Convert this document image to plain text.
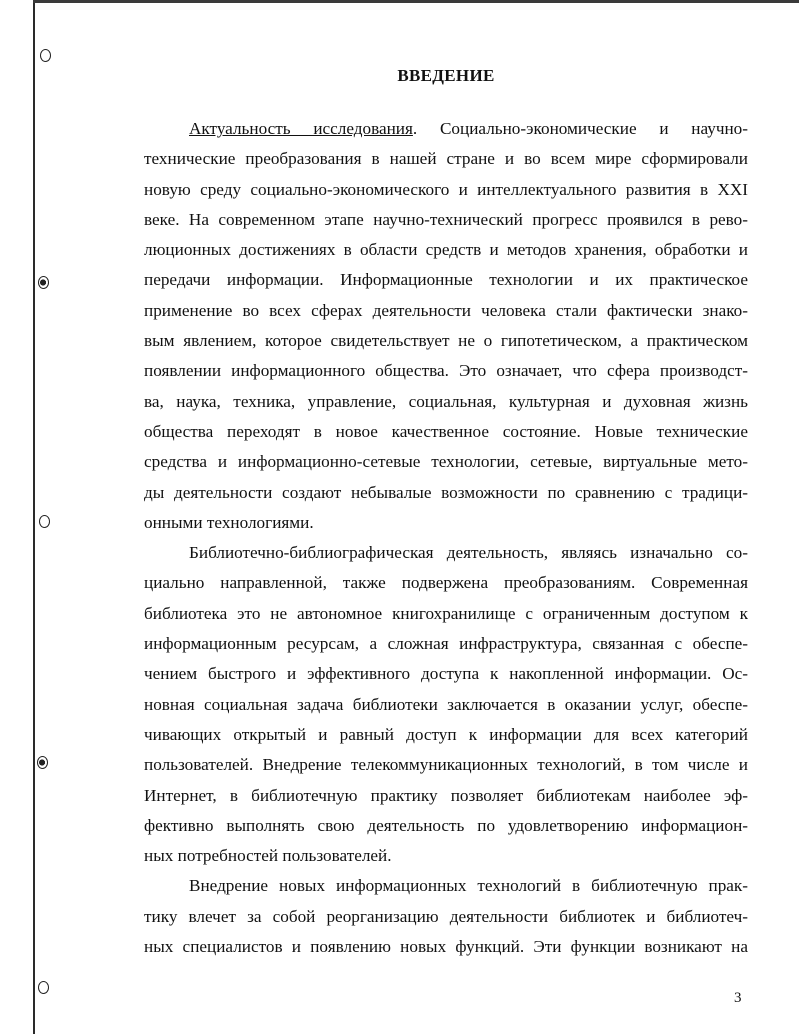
ВВЕДЕНИЕ
Актуальность исследования. Социально-экономические и научно-
технические преобразования в нашей стране и во всем мире сформировали
новую среду социально-экономического и интеллектуального развития в XXI
веке. На современном этапе научно-технический прогресс проявился в рево-
люционных достижениях в области средств и методов хранения, обработки и
передачи информации. Информационные технологии и их практическое
применение во всех сферах деятельности человека стали фактически знако-
вым явлением, которое свидетельствует не о гипотетическом, а практическом
появлении информационного общества. Это означает, что сфера производст-
ва, наука, техника, управление, социальная, культурная и духовная жизнь
общества переходят в новое качественное состояние. Новые технические
средства и информационно-сетевые технологии, сетевые, виртуальные мето-
ды деятельности создают небывалые возможности по сравнению с традици-
онными технологиями.
Библиотечно-библиографическая деятельность, являясь изначально со-
циально направленной, также подвержена преобразованиям. Современная
библиотека это не автономное книгохранилище с ограниченным доступом к
информационным ресурсам, а сложная инфраструктура, связанная с обеспе-
чением быстрого и эффективного доступа к накопленной информации. Ос-
новная социальная задача библиотеки заключается в оказании услуг, обеспе-
чивающих открытый и равный доступ к информации для всех категорий
пользователей. Внедрение телекоммуникационных технологий, в том числе и
Интернет, в библиотечную практику позволяет библиотекам наиболее эф-
фективно выполнять свою деятельность по удовлетворению информацион-
ных потребностей пользователей.
Внедрение новых информационных технологий в библиотечную прак-
тику влечет за собой реорганизацию деятельности библиотек и библиотеч-
ных специалистов и появлению новых функций. Эти функции возникают на
3
